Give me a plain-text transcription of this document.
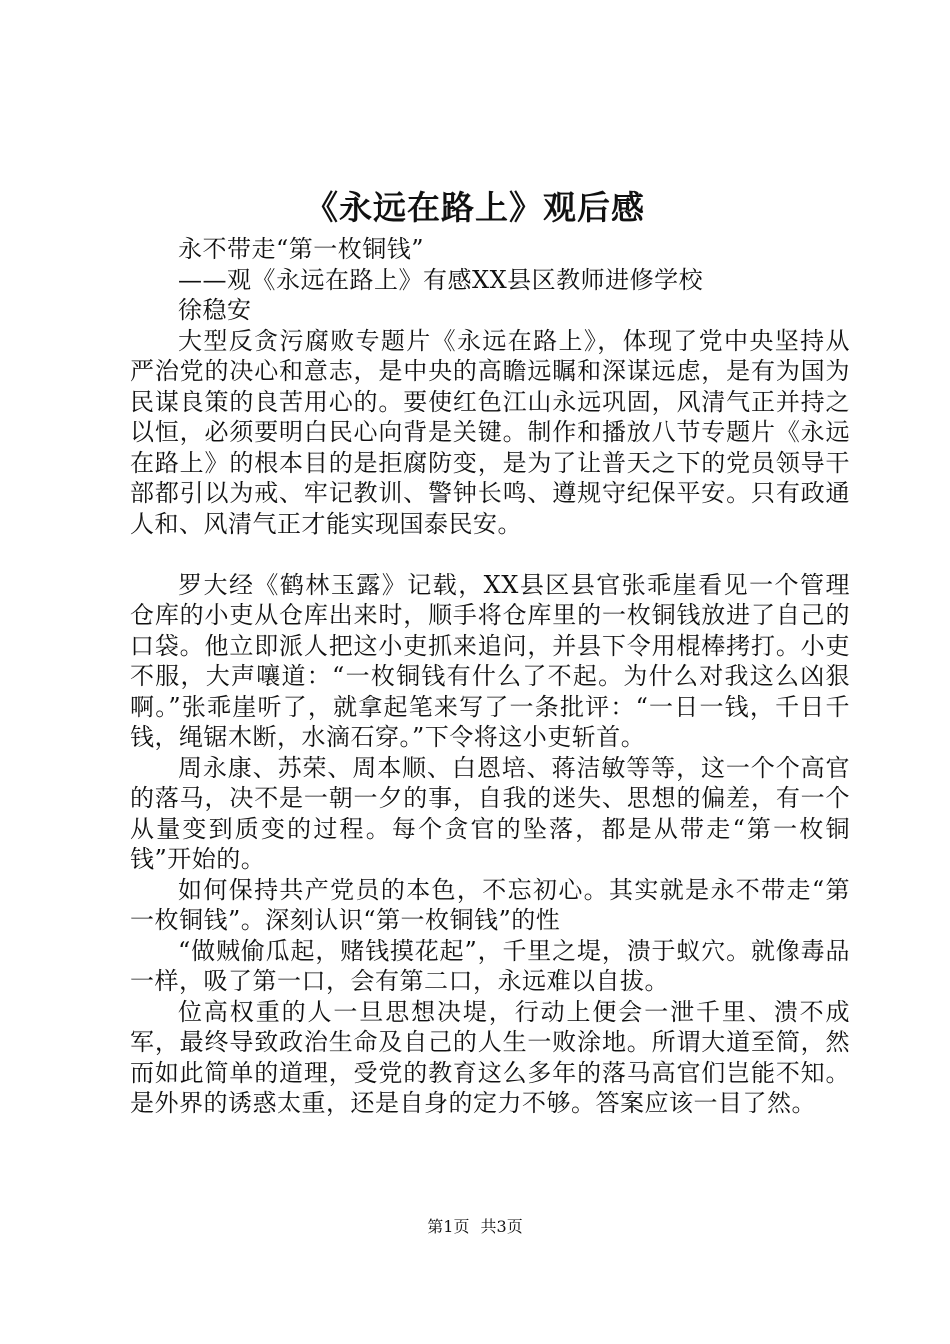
《永远在路上》观后感

永不带走“第一枚铜钱”

——观《永远在路上》有感XX县区教师进修学校

徐稳安

大型反贪污腐败专题片《永远在路上》，体现了党中央坚持从严治党的决心和意志，是中央的高瞻远瞩和深谋远虑，是有为国为民谋良策的良苦用心的。要使红色江山永远巩固，风清气正并持之以恒，必须要明白民心向背是关键。制作和播放八节专题片《永远在路上》的根本目的是拒腐防变，是为了让普天之下的党员领导干部都引以为戒、牢记教训、警钟长鸣、遵规守纪保平安。只有政通人和、风清气正才能实现国泰民安。

罗大经《鹤林玉露》记载，XX县区县官张乖崖看见一个管理仓库的小吏从仓库出来时，顺手将仓库里的一枚铜钱放进了自己的口袋。他立即派人把这小吏抓来追问，并县下令用棍棒拷打。小吏不服，大声嚷道：“一枚铜钱有什么了不起。为什么对我这么凶狠啊。”张乖崖听了，就拿起笔来写了一条批评：“一日一钱，千日千钱，绳锯木断，水滴石穿。”下令将这小吏斩首。

周永康、苏荣、周本顺、白恩培、蒋洁敏等等，这一个个高官的落马，决不是一朝一夕的事，自我的迷失、思想的偏差，有一个从量变到质变的过程。每个贪官的坠落，都是从带走“第一枚铜钱”开始的。

如何保持共产党员的本色，不忘初心。其实就是永不带走“第一枚铜钱”。深刻认识“第一枚铜钱”的性

“做贼偷瓜起，赌钱摸花起”，千里之堤，溃于蚁穴。就像毒品一样，吸了第一口，会有第二口，永远难以自拔。

位高权重的人一旦思想决堤，行动上便会一泄千里、溃不成军，最终导致政治生命及自己的人生一败涂地。所谓大道至简，然而如此简单的道理，受党的教育这么多年的落马高官们岂能不知。是外界的诱惑太重，还是自身的定力不够。答案应该一目了然。

第1页 共3页
